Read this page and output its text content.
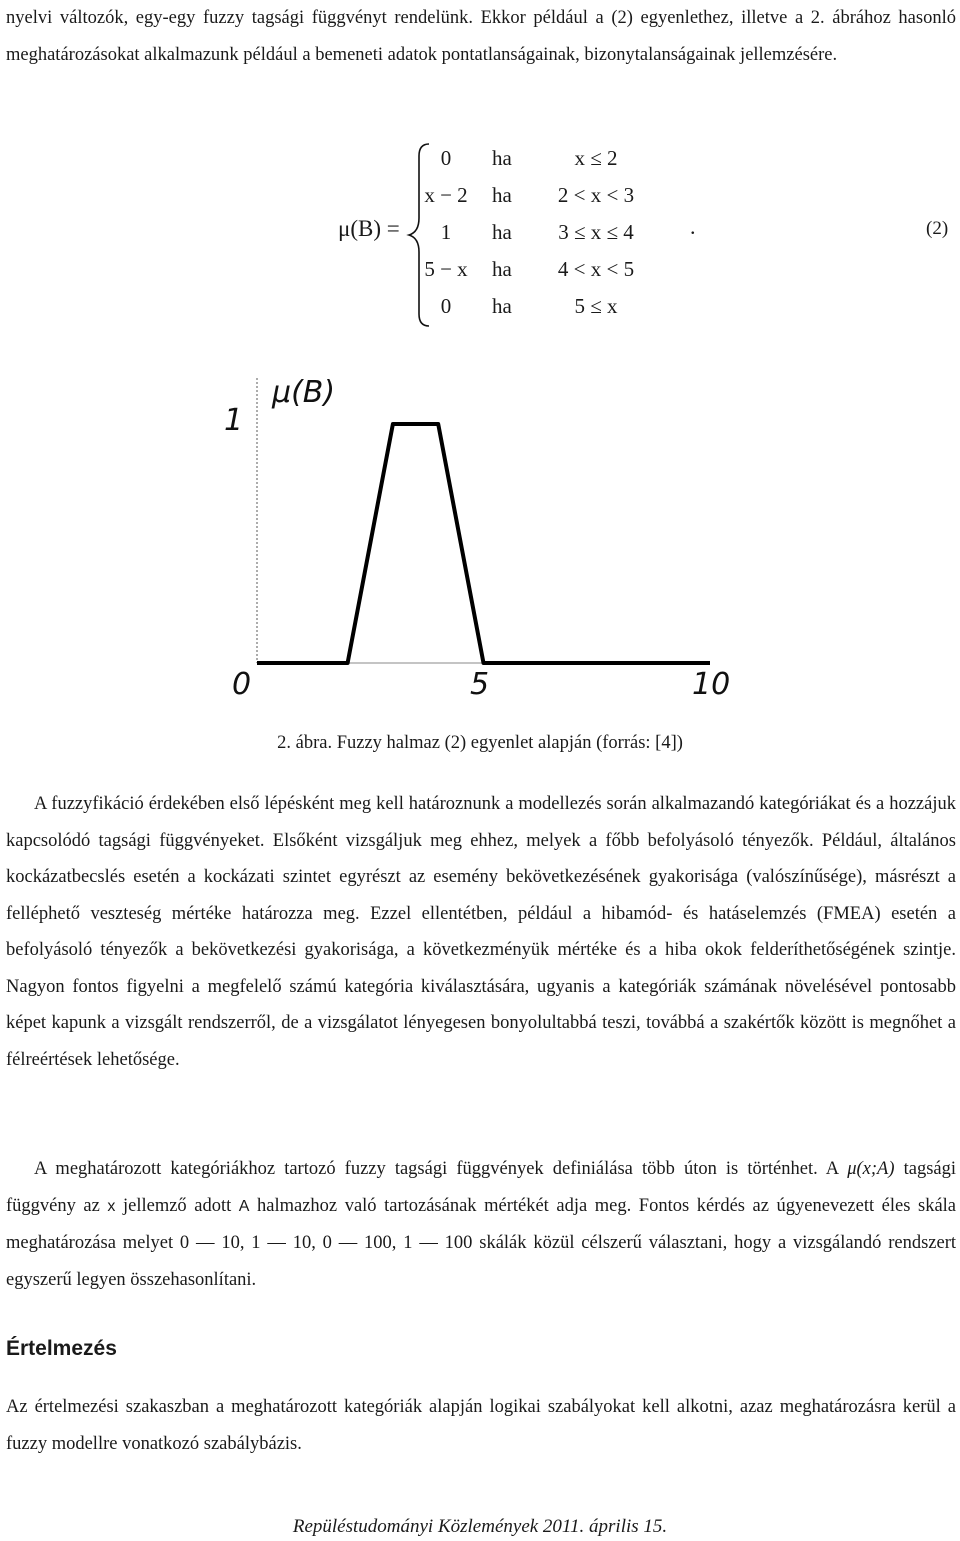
nyelvi változók, egy-egy fuzzy tagsági függvényt rendelünk. Ekkor például a (2) egyenlethez, illetve a 2. ábrához hasonló meghatározásokat alkalmazunk például a bemeneti adatok pontatlanságainak, bizonytalanságainak jellemzésére.

μ(B) =
0	ha	x ≤ 2
x − 2	ha	2 < x < 3
1	ha	3 ≤ x ≤ 4
5 − x	ha	4 < x < 5
0	ha	5 ≤ x
.	(2)
μ(B)
1
0	5	10
2. ábra. Fuzzy halmaz (2) egyenlet alapján (forrás: [4])

A fuzzyfikáció érdekében első lépésként meg kell határoznunk a modellezés során alkalmazandó kategóriákat és a hozzájuk kapcsolódó tagsági függvényeket. Elsőként vizsgáljuk meg ehhez, melyek a főbb befolyásoló tényezők. Például, általános kockázatbecslés esetén a kockázati szintet egyrészt az esemény bekövetkezésének gyakorisága (valószínűsége), másrészt a felléphető veszteség mértéke határozza meg. Ezzel ellentétben, például a hibamód- és hatáselemzés (FMEA) esetén a befolyásoló tényezők a bekövetkezési gyakorisága, a következményük mértéke és a hiba okok felderíthetőségének szintje. Nagyon fontos figyelni a megfelelő számú kategória kiválasztására, ugyanis a kategóriák számának növelésével pontosabb képet kapunk a vizsgált rendszerről, de a vizsgálatot lényegesen bonyolultabbá teszi, továbbá a szakértők között is megnőhet a félreértések lehetősége.

A meghatározott kategóriákhoz tartozó fuzzy tagsági függvények definiálása több úton is történhet. A μ(x;A) tagsági függvény az x jellemző adott A halmazhoz való tartozásának mértékét adja meg. Fontos kérdés az úgyenevezett éles skála meghatározása melyet 0 — 10, 1 — 10, 0 — 100, 1 — 100 skálák közül célszerű választani, hogy a vizsgálandó rendszert egyszerű legyen összehasonlítani.

Értelmezés

Az értelmezési szakaszban a meghatározott kategóriák alapján logikai szabályokat kell alkotni, azaz meghatározásra kerül a fuzzy modellre vonatkozó szabálybázis.

Repüléstudományi Közlemények 2011. április 15.
